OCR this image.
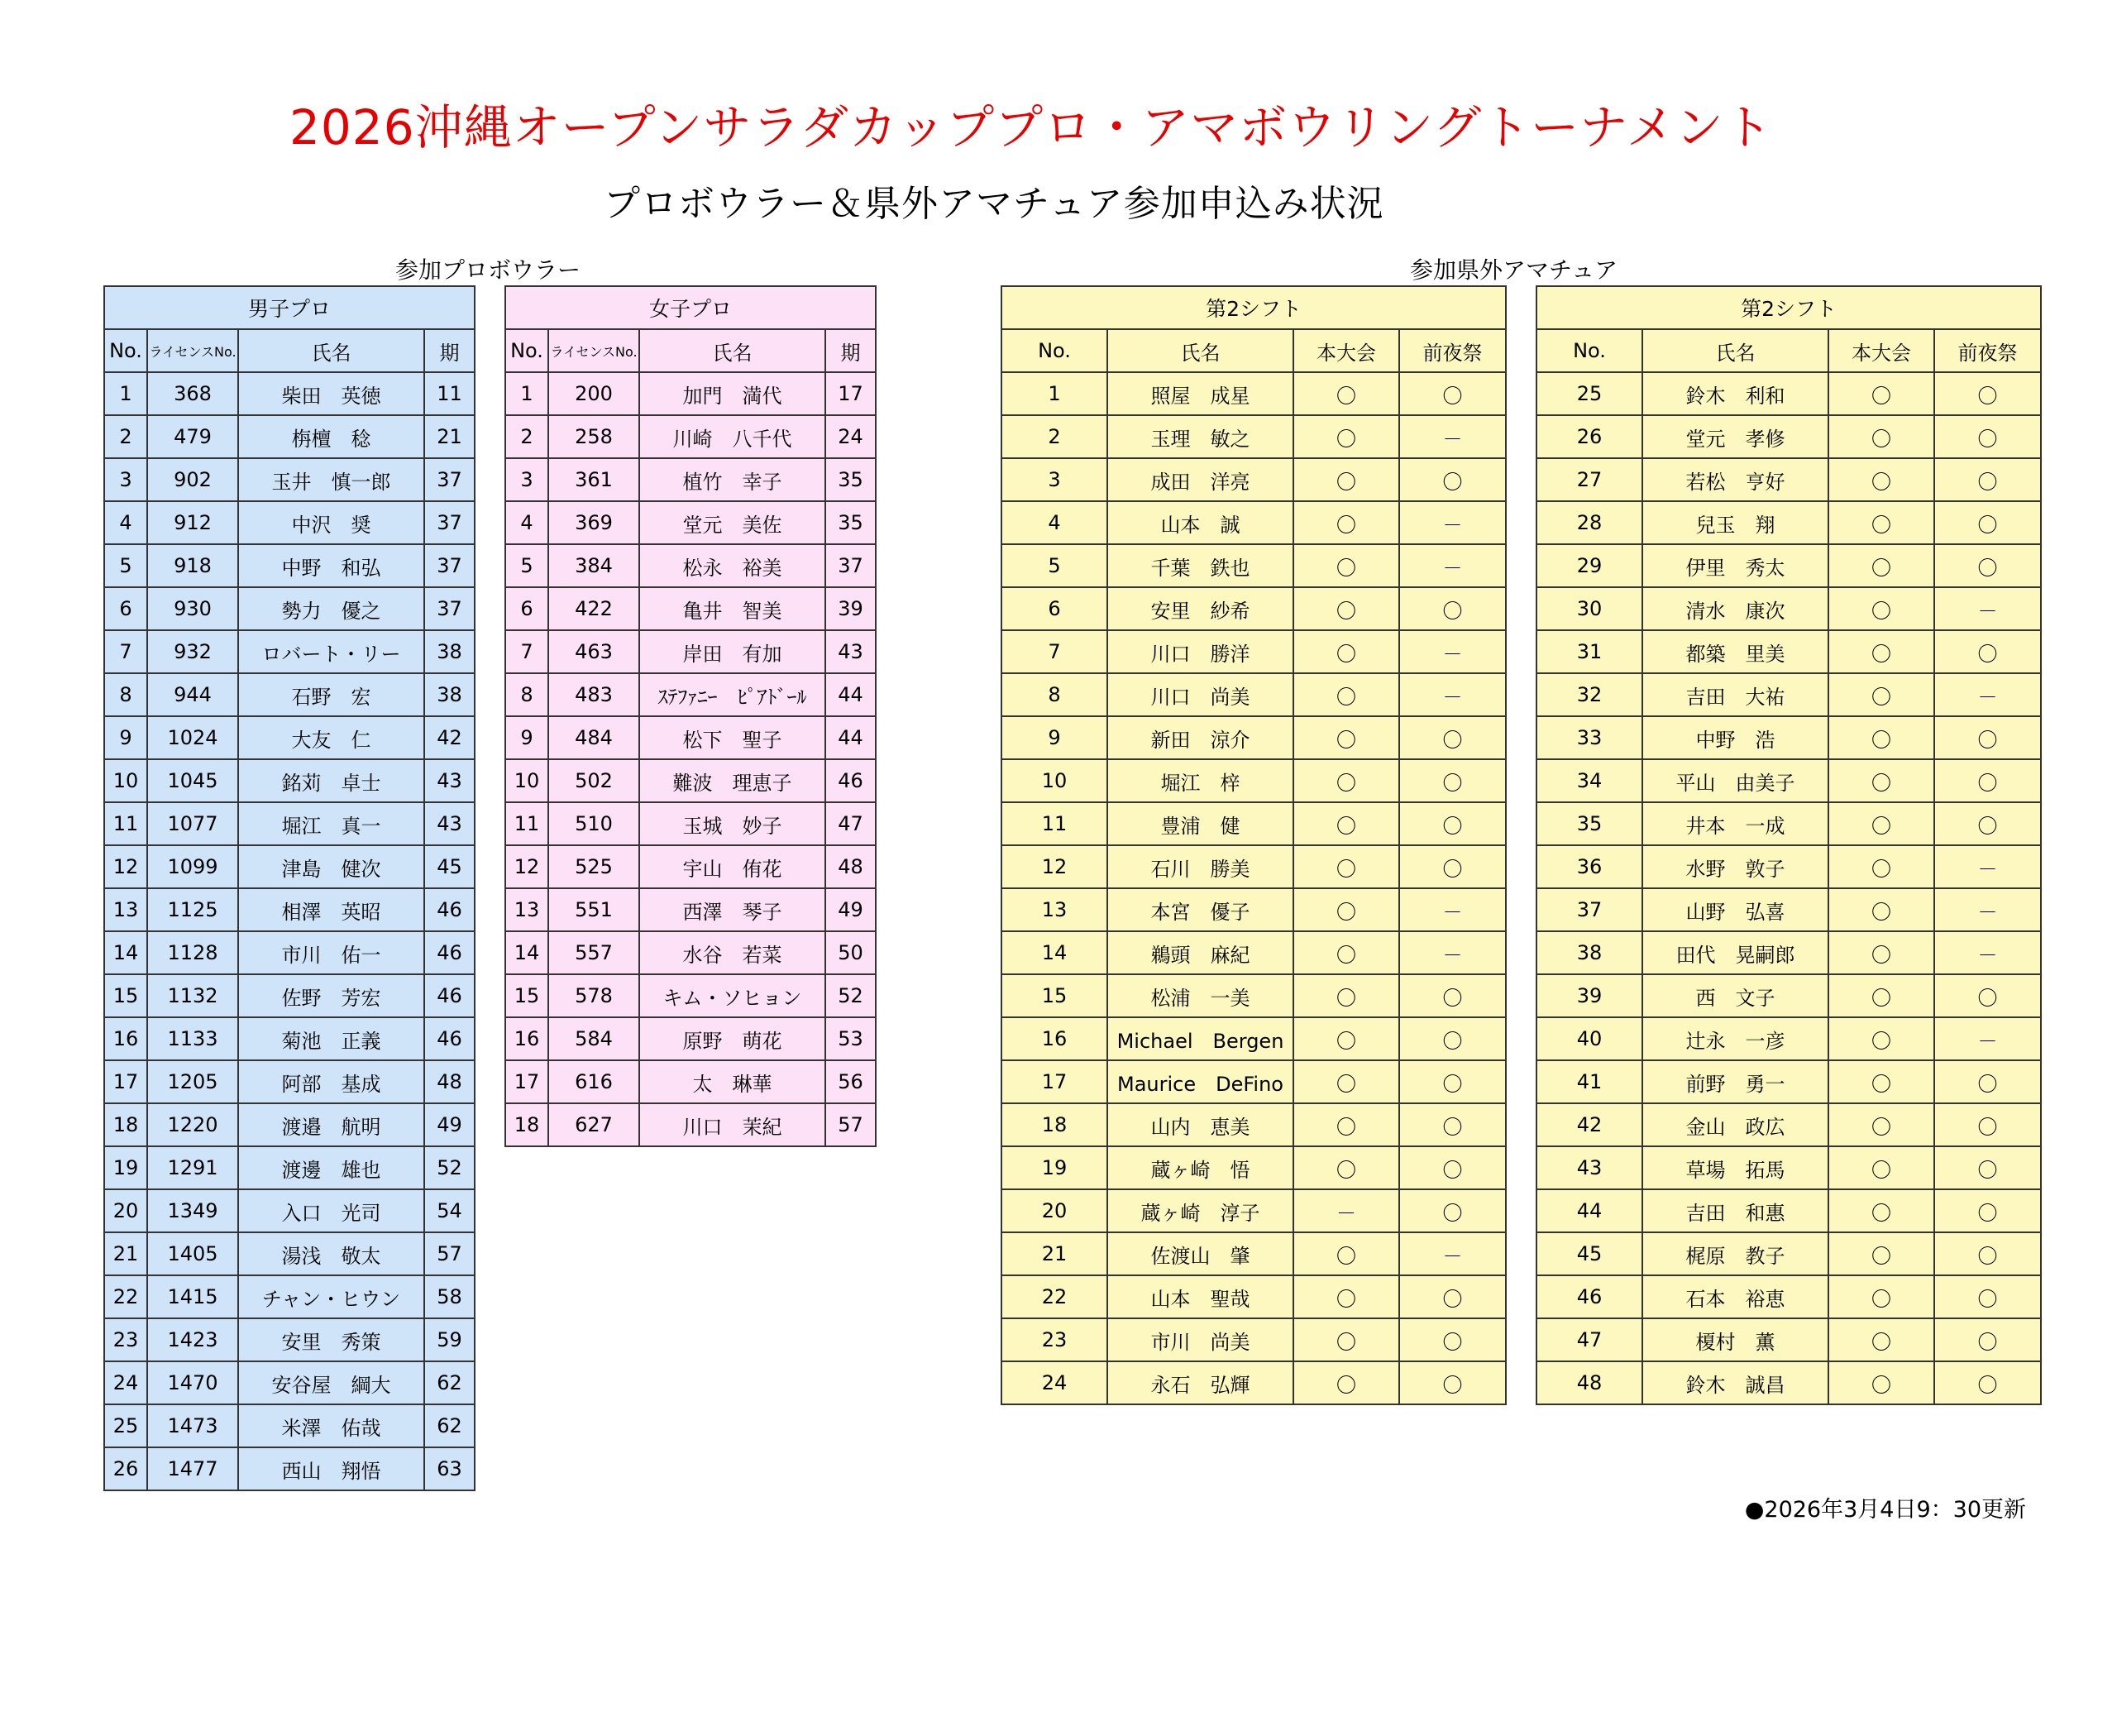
2026沖縄オープンサラダカッププロ・アマボウリングトーナメント
プロボウラー＆県外アマチュア参加申込み状況
参加プロボウラー	参加県外アマチュア
男子プロ			
No.	ライセンスNo.	氏名	期
1	368	柴田　英徳	11
2	479	栴檀　稔	21
3	902	玉井　慎一郎	37
4	912	中沢　奨	37
5	918	中野　和弘	37
6	930	勢力　優之	37
7	932	ロバート・リー	38
8	944	石野　宏	38
9	1024	大友　仁	42
10	1045	銘苅　卓士	43
11	1077	堀江　真一	43
12	1099	津島　健次	45
13	1125	相澤　英昭	46
14	1128	市川　佑一	46
15	1132	佐野　芳宏	46
16	1133	菊池　正義	46
17	1205	阿部　基成	48
18	1220	渡邉　航明	49
19	1291	渡邊　雄也	52
20	1349	入口　光司	54
21	1405	湯浅　敬太	57
22	1415	チャン・ヒウン	58
23	1423	安里　秀策	59
24	1470	安谷屋　綱大	62
25	1473	米澤　佑哉	62
26	1477	西山　翔悟	63
女子プロ			
No.	ライセンスNo.	氏名	期
1	200	加門　満代	17
2	258	川崎　八千代	24
3	361	植竹　幸子	35
4	369	堂元　美佐	35
5	384	松永　裕美	37
6	422	亀井　智美	39
7	463	岸田　有加	43
8	483	ｽﾃﾌｧﾆｰ　ﾋﾟｱﾄﾞｰﾙ	44
9	484	松下　聖子	44
10	502	難波　理恵子	46
11	510	玉城　妙子	47
12	525	宇山　侑花	48
13	551	西澤　琴子	49
14	557	水谷　若菜	50
15	578	キム・ソヒョン	52
16	584	原野　萌花	53
17	616	太　琳華	56
18	627	川口　茉紀	57
第2シフト			
No.	氏名	本大会	前夜祭
1	照屋　成星	〇	〇
2	玉理　敏之	〇	－
3	成田　洋亮	〇	〇
4	山本　誠	〇	－
5	千葉　鉄也	〇	－
6	安里　紗希	〇	〇
7	川口　勝洋	〇	－
8	川口　尚美	〇	－
9	新田　涼介	〇	〇
10	堀江　梓	〇	〇
11	豊浦　健	〇	〇
12	石川　勝美	〇	〇
13	本宮　優子	〇	－
14	鵜頭　麻紀	〇	－
15	松浦　一美	〇	〇
16	Michael　Bergen	〇	〇
17	Maurice　DeFino	〇	〇
18	山内　恵美	〇	〇
19	蔵ヶ崎　悟	〇	〇
20	蔵ヶ崎　淳子	－	〇
21	佐渡山　肇	〇	－
22	山本　聖哉	〇	〇
23	市川　尚美	〇	〇
24	永石　弘輝	〇	〇
第2シフト			
No.	氏名	本大会	前夜祭
25	鈴木　利和	〇	〇
26	堂元　孝修	〇	〇
27	若松　亨好	〇	〇
28	兒玉　翔	〇	〇
29	伊里　秀太	〇	〇
30	清水　康次	〇	－
31	都築　里美	〇	〇
32	吉田　大祐	〇	－
33	中野　浩	〇	〇
34	平山　由美子	〇	〇
35	井本　一成	〇	〇
36	水野　敦子	〇	－
37	山野　弘喜	〇	－
38	田代　晃嗣郎	〇	－
39	西　文子	〇	〇
40	辻永　一彦	〇	－
41	前野　勇一	〇	〇
42	金山　政広	〇	〇
43	草場　拓馬	〇	〇
44	吉田　和惠	〇	〇
45	梶原　教子	〇	〇
46	石本　裕恵	〇	〇
47	榎村　薫	〇	〇
48	鈴木　誠昌	〇	〇
●2026年3月4日9：30更新
